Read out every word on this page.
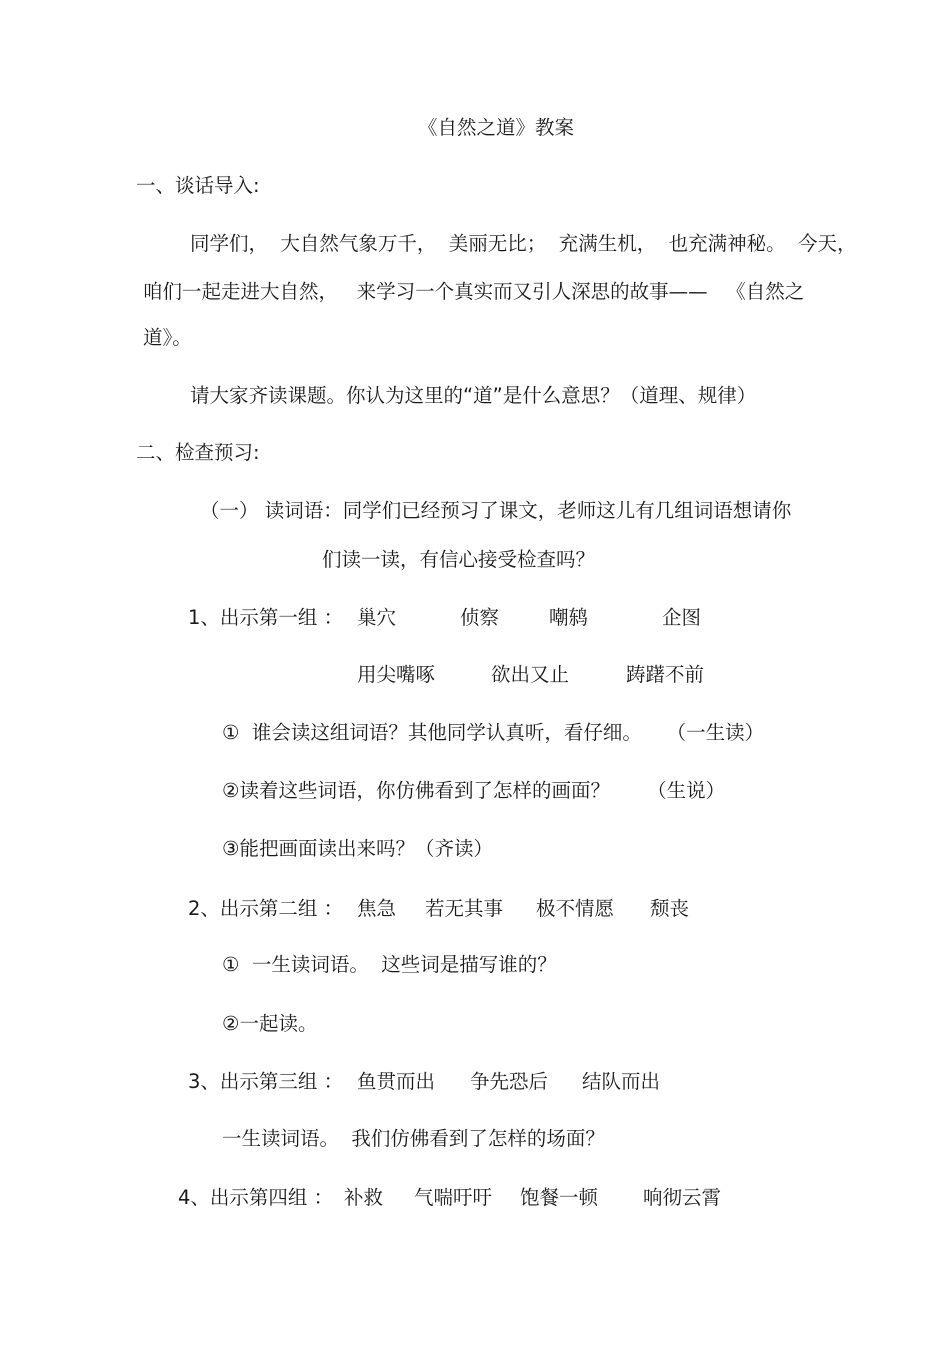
《自然之道》教案
一、谈话导入:
同学们，  大自然气象万千，  美丽无比；  充满生机，  也充满神秘。  今天，
咱们一起走进大自然，   来学习一个真实而又引人深思的故事——   《自然之
道》。
请大家齐读课题。你认为这里的“道”是什么意思？（道理、规律）
二、检查预习:
（一） 读词语：同学们已经预习了课文，老师这儿有几组词语想请你
们读一读，有信心接受检查吗？
1、出示第一组 ： 巢穴	侦察	嘲鸫	企图
用尖嘴啄	欲出又止	踌躇不前
①  谁会读这组词语？其他同学认真听，看仔细。    （一生读）
②读着这些词语，你仿佛看到了怎样的画面？      （生说）
③能把画面读出来吗？（齐读）
2、出示第二组 ： 焦急 若无其事 极不情愿 颓丧
①  一生读词语。  这些词是描写谁的？
②一起读。
3、出示第三组 ： 鱼贯而出 争先恐后 结队而出
一生读词语。  我们仿佛看到了怎样的场面？
4、出示第四组 ： 补救 气喘吁吁 饱餐一顿 响彻云霄
